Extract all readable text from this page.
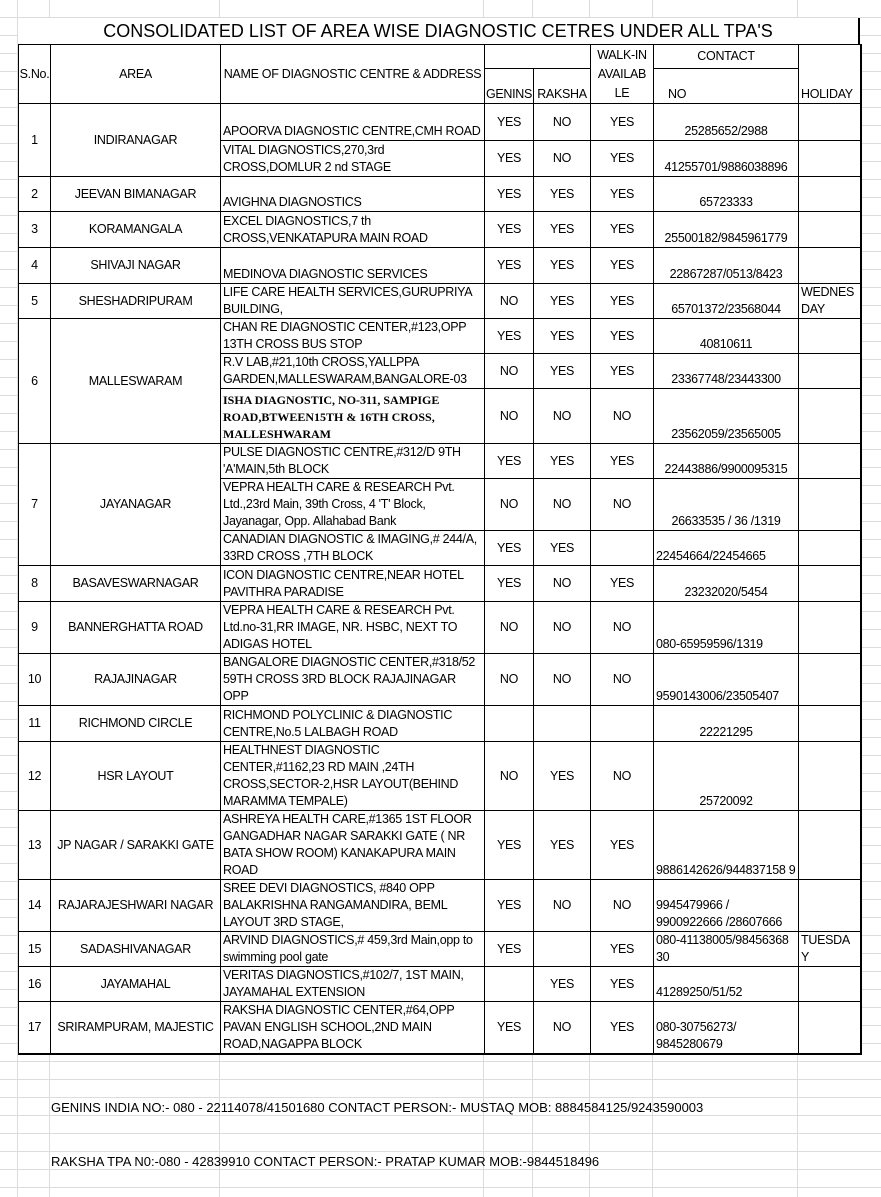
CONSOLIDATED LIST OF AREA WISE DIAGNOSTIC CETRES UNDER ALL TPA'S
S.No.	AREA	NAME OF DIAGNOSTIC CENTRE & ADDRESS			WALK-IN AVAILAB LE	CONTACT	HOLIDAY
			GENINS	RAKSHA		NO	
1	INDIRANAGAR	APOORVA DIAGNOSTIC CENTRE,CMH ROAD	YES	NO	YES	25285652/2988	
		VITAL DIAGNOSTICS,270,3rd CROSS,DOMLUR 2 nd STAGE	YES	NO	YES	41255701/9886038896	
2	JEEVAN BIMANAGAR	AVIGHNA DIAGNOSTICS	YES	YES	YES	65723333	
3	KORAMANGALA	EXCEL DIAGNOSTICS,7 th CROSS,VENKATAPURA MAIN ROAD	YES	YES	YES	25500182/9845961779	
4	SHIVAJI NAGAR	MEDINOVA DIAGNOSTIC SERVICES	YES	YES	YES	22867287/0513/8423	
5	SHESHADRIPURAM	LIFE CARE HEALTH SERVICES,GURUPRIYA BUILDING,	NO	YES	YES	65701372/23568044	WEDNES DAY
6	MALLESWARAM	CHAN RE DIAGNOSTIC CENTER,#123,OPP 13TH CROSS BUS STOP	YES	YES	YES	40810611	
		R.V LAB,#21,10th CROSS,YALLPPA GARDEN,MALLESWARAM,BANGALORE-03	NO	YES	YES	23367748/23443300	
		ISHA DIAGNOSTIC, NO-311, SAMPIGE ROAD,BTWEEN15TH & 16TH CROSS, MALLESHWARAM	NO	NO	NO	23562059/23565005	
7	JAYANAGAR	PULSE DIAGNOSTIC CENTRE,#312/D 9TH 'A'MAIN,5th BLOCK	YES	YES	YES	22443886/9900095315	
		VEPRA HEALTH CARE & RESEARCH Pvt. Ltd.,23rd Main, 39th Cross, 4 'T' Block, Jayanagar, Opp. Allahabad Bank	NO	NO	NO	26633535 / 36 /1319	
		CANADIAN DIAGNOSTIC & IMAGING,# 244/A, 33RD CROSS ,7TH BLOCK	YES	YES		22454664/22454665	
8	BASAVESWARNAGAR	ICON DIAGNOSTIC CENTRE,NEAR HOTEL PAVITHRA PARADISE	YES	NO	YES	23232020/5454	
9	BANNERGHATTA ROAD	VEPRA HEALTH CARE & RESEARCH Pvt. Ltd.no-31,RR IMAGE, NR. HSBC, NEXT TO ADIGAS HOTEL	NO	NO	NO	080-65959596/1319	
10	RAJAJINAGAR	BANGALORE DIAGNOSTIC CENTER,#318/52 59TH CROSS 3RD BLOCK RAJAJINAGAR OPP	NO	NO	NO	9590143006/23505407	
11	RICHMOND CIRCLE	RICHMOND POLYCLINIC & DIAGNOSTIC CENTRE,No.5 LALBAGH ROAD				22221295	
12	HSR LAYOUT	HEALTHNEST DIAGNOSTIC CENTER,#1162,23 RD MAIN ,24TH CROSS,SECTOR-2,HSR LAYOUT(BEHIND MARAMMA TEMPALE)	NO	YES	NO	25720092	
13	JP NAGAR / SARAKKI GATE	ASHREYA HEALTH CARE,#1365 1ST FLOOR GANGADHAR NAGAR SARAKKI GATE ( NR BATA SHOW ROOM) KANAKAPURA MAIN ROAD	YES	YES	YES	9886142626/944837158 9	
14	RAJARAJESHWARI NAGAR	SREE DEVI DIAGNOSTICS, #840 OPP BALAKRISHNA RANGAMANDIRA, BEML LAYOUT 3RD STAGE,	YES	NO	NO	9945479966 / 9900922666 /28607666	
15	SADASHIVANAGAR	ARVIND DIAGNOSTICS,# 459,3rd Main,opp to swimming pool gate	YES		YES	080-41138005/98456368 30	TUESDA Y
16	JAYAMAHAL	VERITAS DIAGNOSTICS,#102/7, 1ST MAIN, JAYAMAHAL EXTENSION		YES	YES	41289250/51/52	
17	SRIRAMPURAM, MAJESTIC	RAKSHA DIAGNOSTIC CENTER,#64,OPP PAVAN ENGLISH SCHOOL,2ND MAIN ROAD,NAGAPPA BLOCK	YES	NO	YES	080-30756273/ 9845280679	
GENINS INDIA NO:- 080 - 22114078/41501680 CONTACT PERSON:- MUSTAQ MOB: 8884584125/9243590003
RAKSHA TPA N0:-080 - 42839910 CONTACT PERSON:- PRATAP KUMAR MOB:-9844518496
